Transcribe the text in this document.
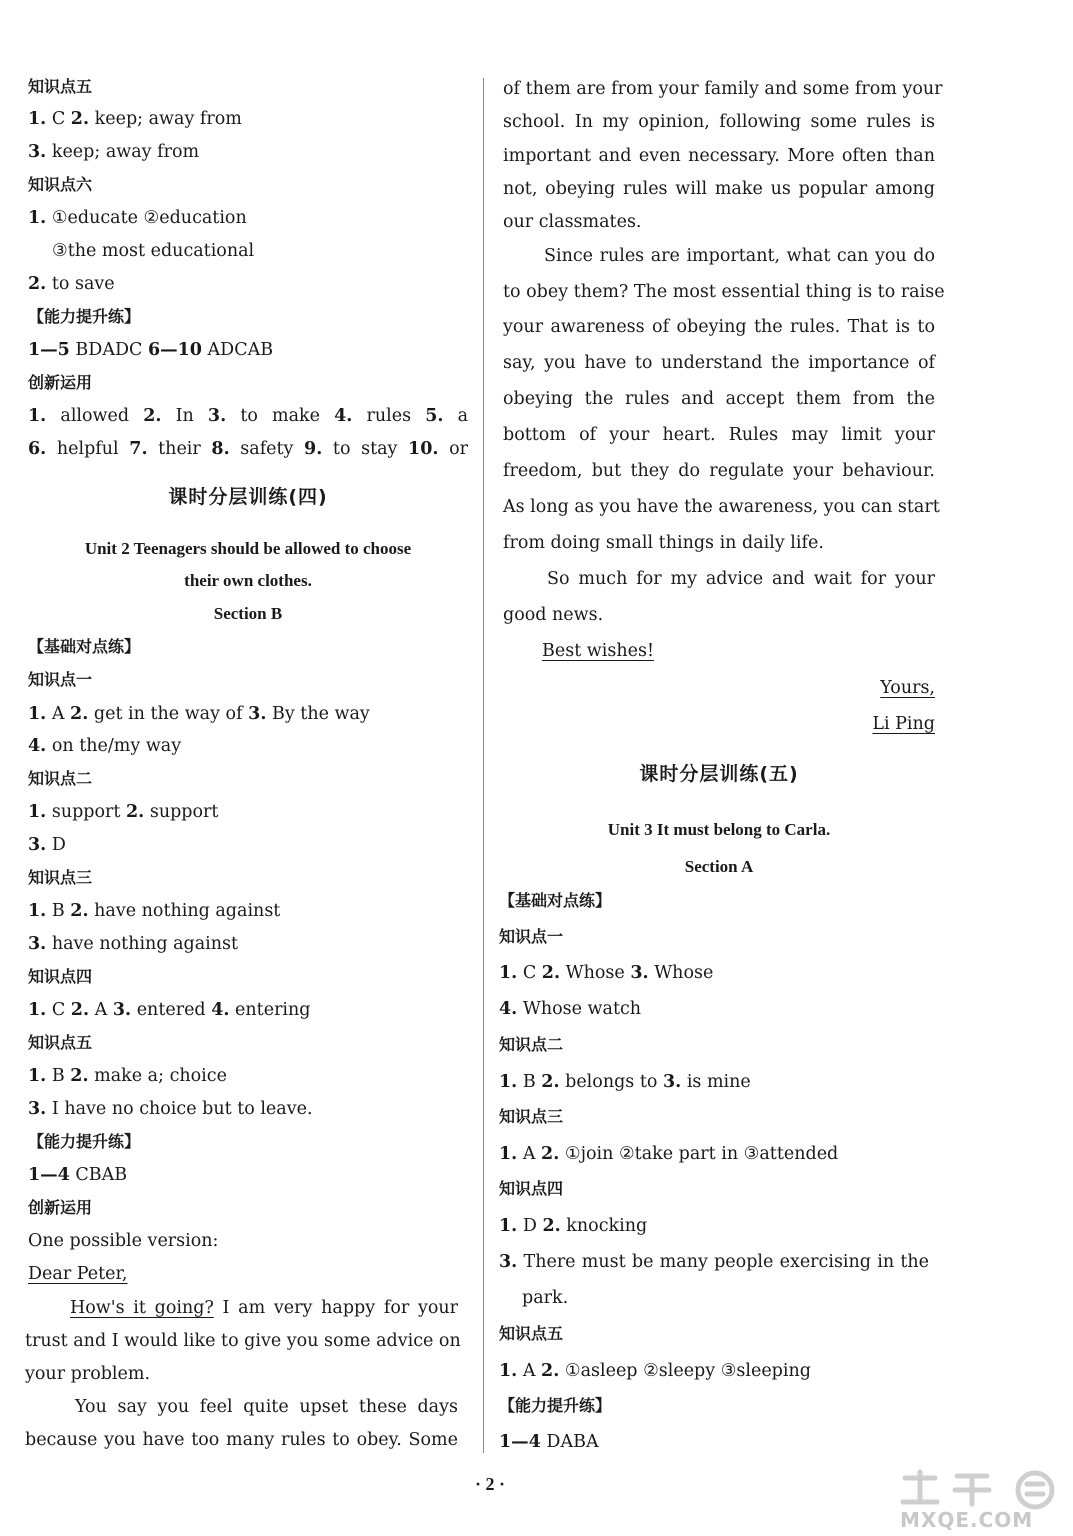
知识点五
1. C 2. keep; away from
3. keep; away from
知识点六
1. ①educate ②education
③the most educational
2. to save
【能力提升练】
1—5 BDADC 6—10 ADCAB
创新运用
1. allowed 2. In 3. to make 4. rules 5. a
6. helpful 7. their 8. safety 9. to stay 10. or
课时分层训练(四)
Unit 2 Teenagers should be allowed to choose
their own clothes.
Section B
【基础对点练】
知识点一
1. A 2. get in the way of 3. By the way
4. on the/my way
知识点二
1. support 2. support
3. D
知识点三
1. B 2. have nothing against
3. have nothing against
知识点四
1. C 2. A 3. entered 4. entering
知识点五
1. B 2. make a; choice
3. I have no choice but to leave.
【能力提升练】
1—4 CBAB
创新运用
One possible version:
Dear Peter,
How's it going? I am very happy for your
trust and I would like to give you some advice on
your problem.
You say you feel quite upset these days
because you have too many rules to obey. Some
of them are from your family and some from your
school. In my opinion, following some rules is
important and even necessary. More often than
not, obeying rules will make us popular among
our classmates.
Since rules are important, what can you do
to obey them? The most essential thing is to raise
your awareness of obeying the rules. That is to
say, you have to understand the importance of
obeying the rules and accept them from the
bottom of your heart. Rules may limit your
freedom, but they do regulate your behaviour.
As long as you have the awareness, you can start
from doing small things in daily life.
So much for my advice and wait for your
good news.
Best wishes!
Yours,
Li Ping
课时分层训练(五)
Unit 3 It must belong to Carla.
Section A
【基础对点练】
知识点一
1. C 2. Whose 3. Whose
4. Whose watch
知识点二
1. B 2. belongs to 3. is mine
知识点三
1. A 2. ①join ②take part in ③attended
知识点四
1. D 2. knocking
3. There must be many people exercising in the
park.
知识点五
1. A 2. ①asleep ②sleepy ③sleeping
【能力提升练】
1—4 DABA
· 2 ·
MXQE.COM
